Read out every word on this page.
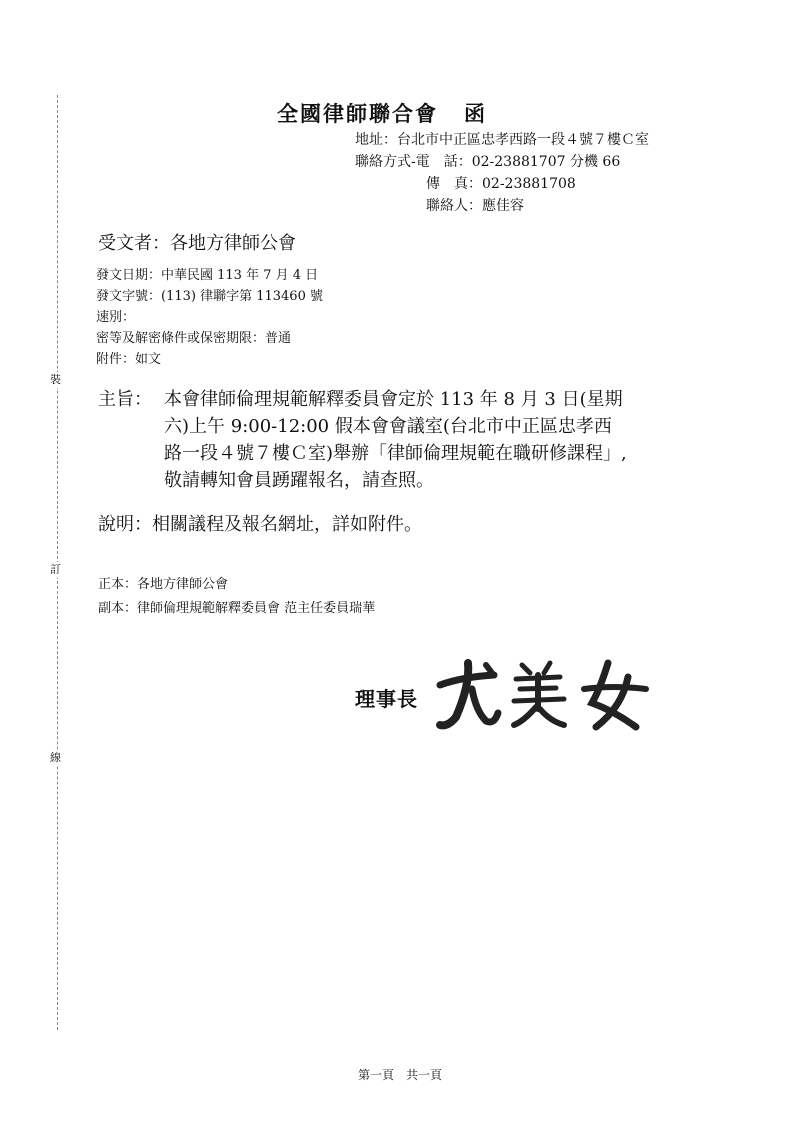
裝
訂
線
全國律師聯合會 函
地址：台北市中正區忠孝西路一段４號７樓Ｃ室
聯絡方式-電　話：02-23881707 分機 66
傳　真：02-23881708
聯絡人：應佳容
受文者：各地方律師公會
發文日期：中華民國 113 年 7 月 4 日
發文字號：(113) 律聯字第 113460 號
速別：
密等及解密條件或保密期限：普通
附件：如文
主旨： 本會律師倫理規範解釋委員會定於 113 年 8 月 3 日(星期
六)上午 9:00-12:00 假本會會議室(台北市中正區忠孝西
路一段４號７樓Ｃ室)舉辦「律師倫理規範在職研修課程」,
敬請轉知會員踴躍報名，請查照。
說明：相關議程及報名網址，詳如附件。
正本：各地方律師公會
副本：律師倫理規範解釋委員會 范主任委員瑞華
理事長
第一頁　共一頁
